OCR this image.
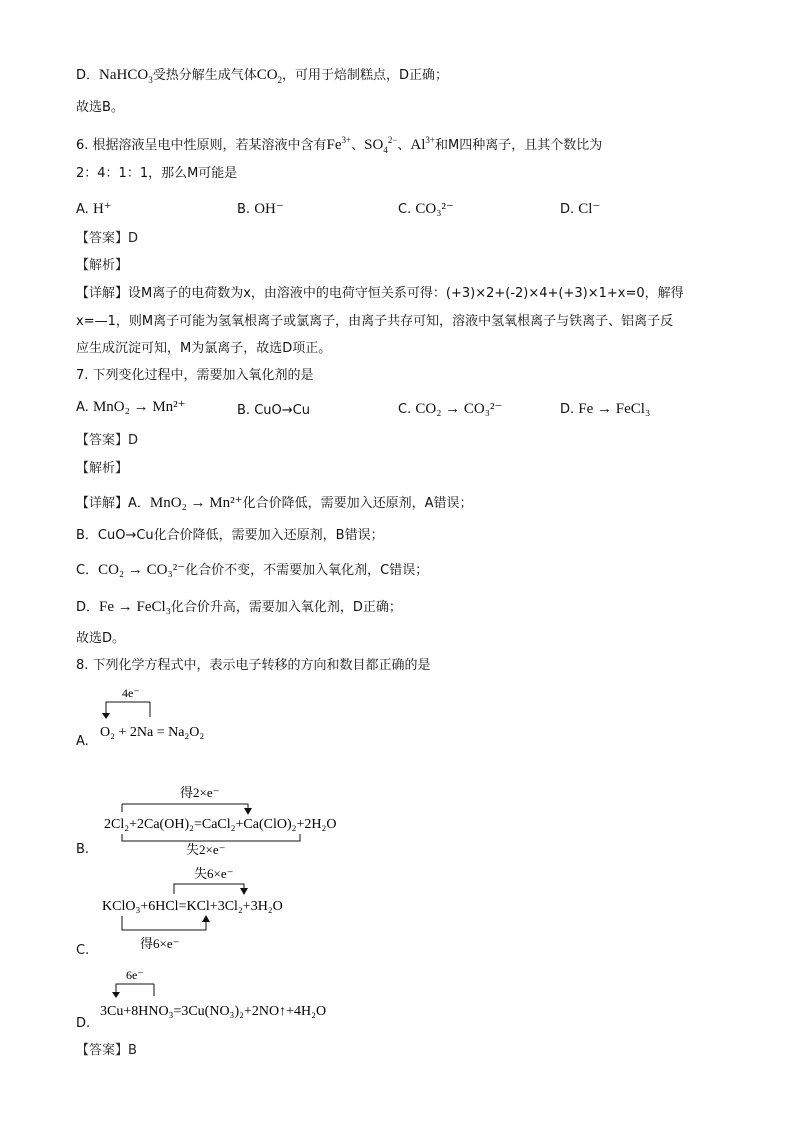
D．NaHCO$_3$受热分解生成气体$CO_2$，可用于焙制糕点，D正确；
故选B。
6. 根据溶液呈电中性原则，若某溶液中含有$Fe^{3+}$、$SO_4^{2-}$、$Al^{3+}$和M四种离子，且其个数比为
2：4：1：1，那么M可能是
A. H⁺	B. OH⁻	C. CO₃²⁻	D. Cl⁻
【答案】D
【解析】
【详解】设M离子的电荷数为x，由溶液中的电荷守恒关系可得：(+3)×2+(-2)×4+(+3)×1+x=0，解得
x=—1，则M离子可能为氢氧根离子或氯离子，由离子共存可知，溶液中氢氧根离子与铁离子、铝离子反
应生成沉淀可知，M为氯离子，故选D项正。
7. 下列变化过程中，需要加入氧化剂的是
A. MnO₂ → Mn²⁺	B. CuO→Cu	C. CO₂ → CO₃²⁻	D. Fe → FeCl₃
【答案】D
【解析】
【详解】A．MnO₂ → Mn²⁺化合价降低，需要加入还原剂，A错误；
B．CuO→Cu化合价降低，需要加入还原剂，B错误；
C．CO₂ → CO₃²⁻化合价不变，不需要加入氧化剂，C错误；
D．Fe → FeCl₃化合价升高，需要加入氧化剂，D正确；
故选D。
8. 下列化学方程式中，表示电子转移的方向和数目都正确的是
4e⁻
O₂ + 2Na = Na₂O₂
A.
得2×e⁻
2Cl₂+2Ca(OH)₂=CaCl₂+Ca(ClO)₂+2H₂O
失2×e⁻
B.
失6×e⁻
KClO₃+6HCl=KCl+3Cl₂+3H₂O
得6×e⁻
C.
6e⁻
3Cu+8HNO₃=3Cu(NO₃)₂+2NO↑+4H₂O
D.
【答案】B
